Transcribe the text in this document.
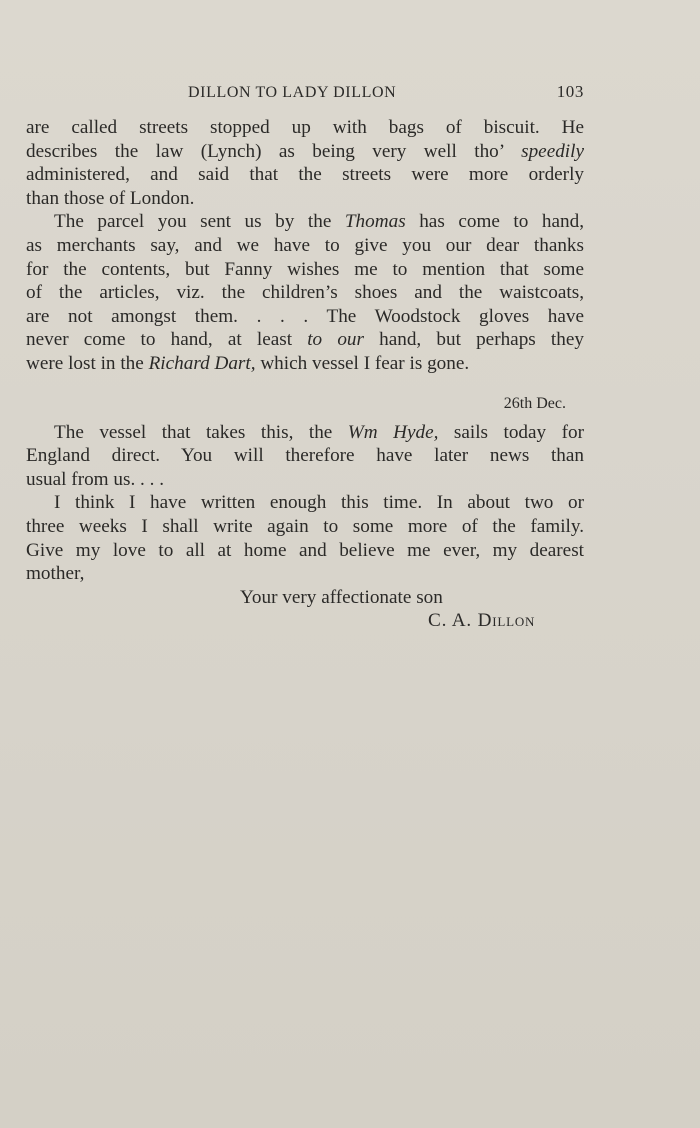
DILLON TO LADY DILLON	103
are called streets stopped up with bags of biscuit. He
describes the law (Lynch) as being very well tho’ speedily
administered, and said that the streets were more orderly
than those of London.
The parcel you sent us by the Thomas has come to hand,
as merchants say, and we have to give you our dear thanks
for the contents, but Fanny wishes me to mention that some
of the articles, viz. the children’s shoes and the waistcoats,
are not amongst them. . . . The Woodstock gloves have
never come to hand, at least to our hand, but perhaps they
were lost in the Richard Dart, which vessel I fear is gone.
26th Dec.
The vessel that takes this, the Wm Hyde, sails today for
England direct. You will therefore have later news than
usual from us. . . .
I think I have written enough this time. In about two or
three weeks I shall write again to some more of the family.
Give my love to all at home and believe me ever, my dearest
mother,
Your very affectionate son
C. A. Dillon
